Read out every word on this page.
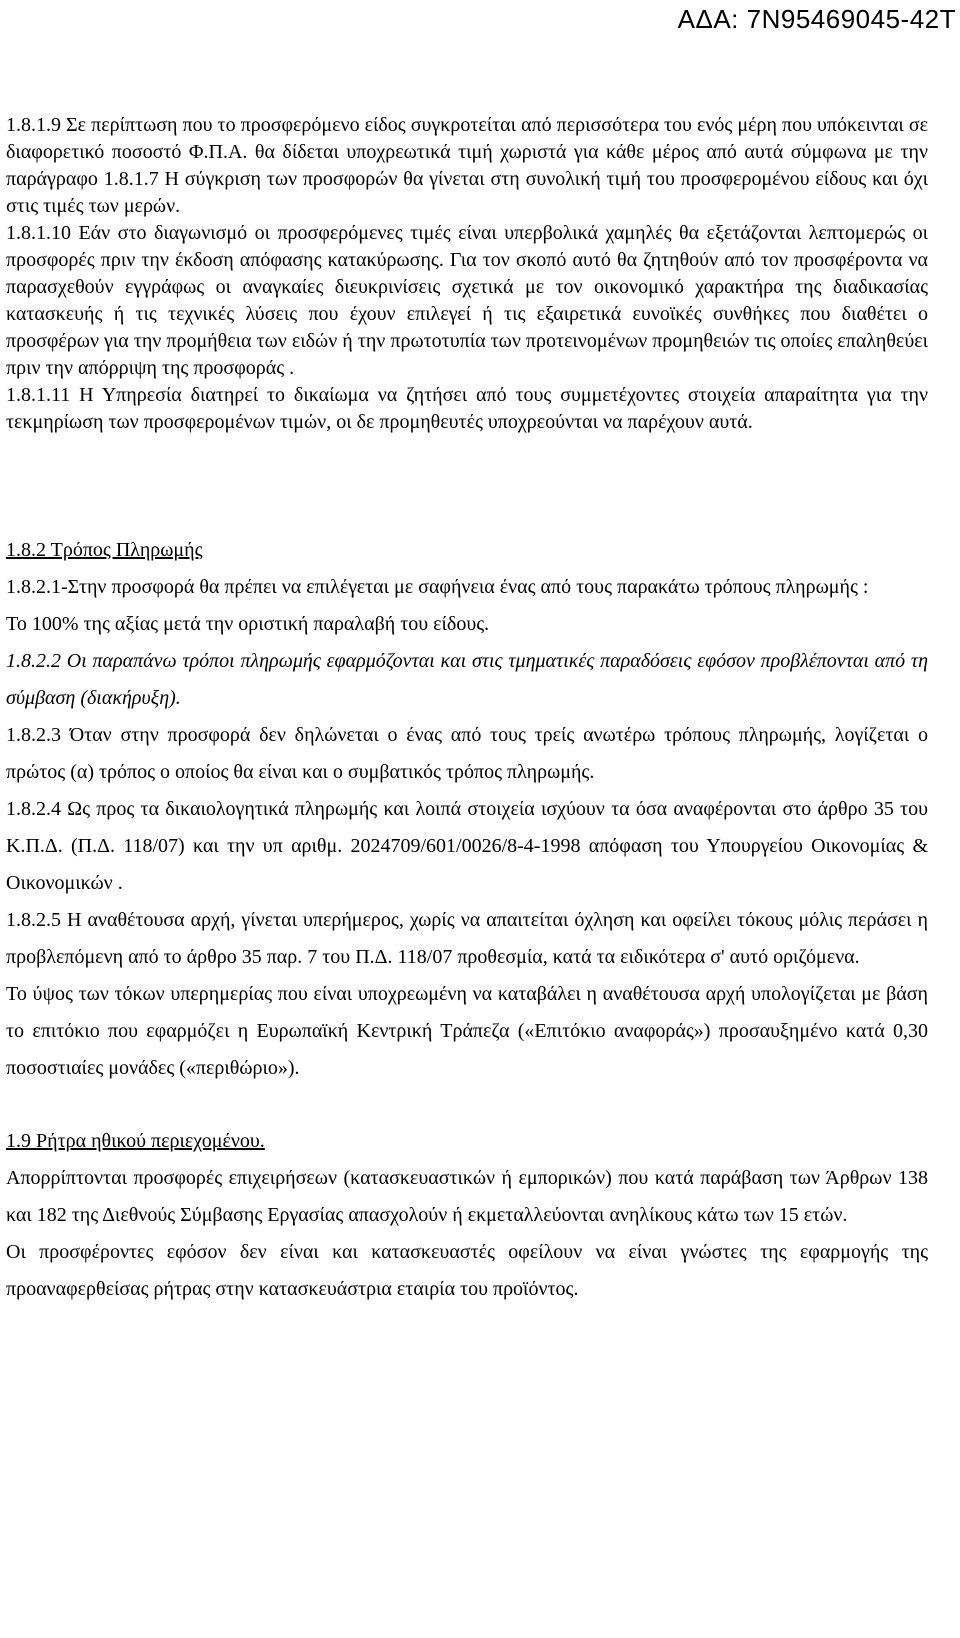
ΑΔΑ: 7Ν95469045-42Τ

1.8.1.9 Σε περίπτωση που το προσφερόμενο είδος συγκροτείται από περισσότερα του ενός μέρη που υπόκεινται σε διαφορετικό ποσοστό Φ.Π.Α. θα δίδεται υποχρεωτικά τιμή χωριστά για κάθε μέρος από αυτά σύμφωνα με την παράγραφο 1.8.1.7 Η σύγκριση των προσφορών θα γίνεται στη συνολική τιμή του προσφερομένου είδους και όχι στις τιμές των μερών.

1.8.1.10 Εάν στο διαγωνισμό οι προσφερόμενες τιμές είναι υπερβολικά χαμηλές θα εξετάζονται λεπτομερώς οι προσφορές πριν την έκδοση απόφασης κατακύρωσης. Για τον σκοπό αυτό θα ζητηθούν από τον προσφέροντα να παρασχεθούν εγγράφως οι αναγκαίες διευκρινίσεις σχετικά με τον οικονομικό χαρακτήρα της διαδικασίας κατασκευής ή τις τεχνικές λύσεις που έχουν επιλεγεί ή τις εξαιρετικά ευνοϊκές συνθήκες που διαθέτει ο προσφέρων για την προμήθεια των ειδών ή την πρωτοτυπία των προτεινομένων προμηθειών τις οποίες επαληθεύει πριν την απόρριψη της προσφοράς .

1.8.1.11 Η Υπηρεσία διατηρεί το δικαίωμα να ζητήσει από τους συμμετέχοντες στοιχεία απαραίτητα για την τεκμηρίωση των προσφερομένων τιμών, οι δε προμηθευτές υποχρεούνται να παρέχουν αυτά.

1.8.2 Τρόπος Πληρωμής

1.8.2.1-Στην προσφορά θα πρέπει να επιλέγεται με σαφήνεια ένας από τους παρακάτω τρόπους πληρωμής :

Το 100% της αξίας μετά την οριστική παραλαβή του είδους.

1.8.2.2 Οι παραπάνω τρόποι πληρωμής εφαρμόζονται και στις τμηματικές παραδόσεις εφόσον προβλέπονται από τη σύμβαση (διακήρυξη).

1.8.2.3 Όταν στην προσφορά δεν δηλώνεται ο ένας από τους τρείς ανωτέρω τρόπους πληρωμής, λογίζεται ο πρώτος (α) τρόπος ο οποίος θα είναι και ο συμβατικός τρόπος πληρωμής.

1.8.2.4 Ως προς τα δικαιολογητικά πληρωμής και λοιπά στοιχεία ισχύουν τα όσα αναφέρονται στο άρθρο 35 του Κ.Π.Δ. (Π.Δ. 118/07) και την υπ αριθμ. 2024709/601/0026/8-4-1998 απόφαση του Υπουργείου Οικονομίας & Οικονομικών .

1.8.2.5 Η αναθέτουσα αρχή, γίνεται υπερήμερος, χωρίς να απαιτείται όχληση και οφείλει τόκους μόλις περάσει η προβλεπόμενη από το άρθρο 35 παρ. 7 του Π.Δ. 118/07 προθεσμία, κατά τα ειδικότερα σ' αυτό οριζόμενα.

Το ύψος των τόκων υπερημερίας που είναι υποχρεωμένη να καταβάλει η αναθέτουσα αρχή υπολογίζεται με βάση το επιτόκιο που εφαρμόζει η Ευρωπαϊκή Κεντρική Τράπεζα («Επιτόκιο αναφοράς») προσαυξημένο κατά 0,30 ποσοστιαίες μονάδες («περιθώριο»).

1.9 Ρήτρα ηθικού περιεχομένου.

Απορρίπτονται προσφορές επιχειρήσεων (κατασκευαστικών ή εμπορικών) που κατά παράβαση των Άρθρων 138 και 182 της Διεθνούς Σύμβασης Εργασίας απασχολούν ή εκμεταλλεύονται ανηλίκους κάτω των 15 ετών.

Οι προσφέροντες εφόσον δεν είναι και κατασκευαστές οφείλουν να είναι γνώστες της εφαρμογής της προαναφερθείσας ρήτρας στην κατασκευάστρια εταιρία του προϊόντος.
